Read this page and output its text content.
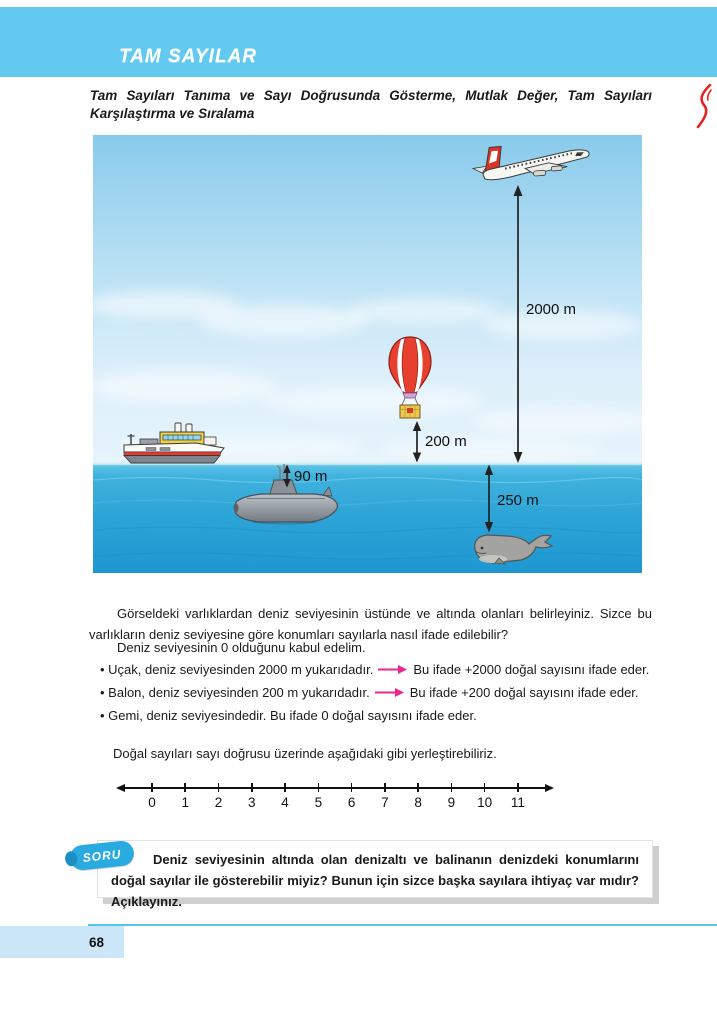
TAM SAYILAR
Tam Sayıları Tanıma ve Sayı Doğrusunda Gösterme, Mutlak Değer, Tam Sayıları Karşılaştırma ve Sıralama
2000 m
200 m
90 m
250 m

Görseldeki varlıklardan deniz seviyesinin üstünde ve altında olanları belirleyiniz. Sizce bu varlıkların deniz seviyesine göre konumları sayılarla nasıl ifade edilebilir?

Deniz seviyesinin 0 olduğunu kabul edelim.
• Uçak, deniz seviyesinden 2000 m yukarıdadır.	Bu ifade +2000 doğal sayısını ifade eder.
• Balon, deniz seviyesinden 200 m yukarıdadır.	Bu ifade +200 doğal sayısını ifade eder.
• Gemi, deniz seviyesindedir. Bu ifade 0 doğal sayısını ifade eder.
Doğal sayıları sayı doğrusu üzerinde aşağıdaki gibi yerleştirebiliriz.
0 1 2 3 4 5 6 7 8 9 10 11

Deniz seviyesinin altında olan denizaltı ve balinanın denizdeki konumlarını doğal sayılar ile gösterebilir miyiz? Bunun için sizce başka sayılara ihtiyaç var mıdır? Açıklayınız.

SORU
68
